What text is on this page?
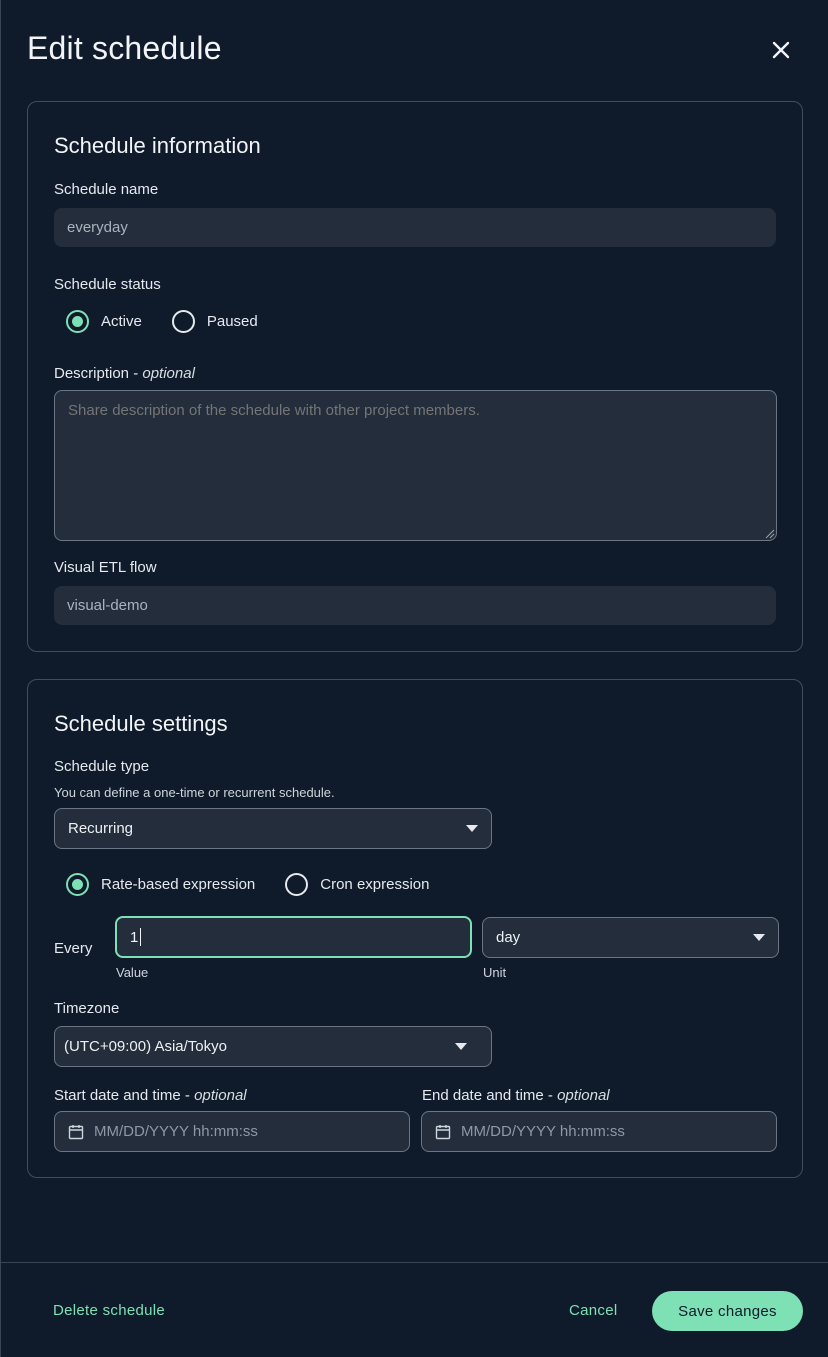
Edit schedule
Schedule information
Schedule name
everyday
Schedule status
Active	Paused
Description - optional
Share description of the schedule with other project members.
Visual ETL flow
visual-demo
Schedule settings
Schedule type
You can define a one-time or recurrent schedule.
Recurring
Rate-based expression	Cron expression
Every
1
Value
day
Unit
Timezone
(UTC+09:00) Asia/Tokyo
Start date and time - optional
MM/DD/YYYY hh:mm:ss
End date and time - optional
MM/DD/YYYY hh:mm:ss
Delete schedule	Cancel	Save changes
